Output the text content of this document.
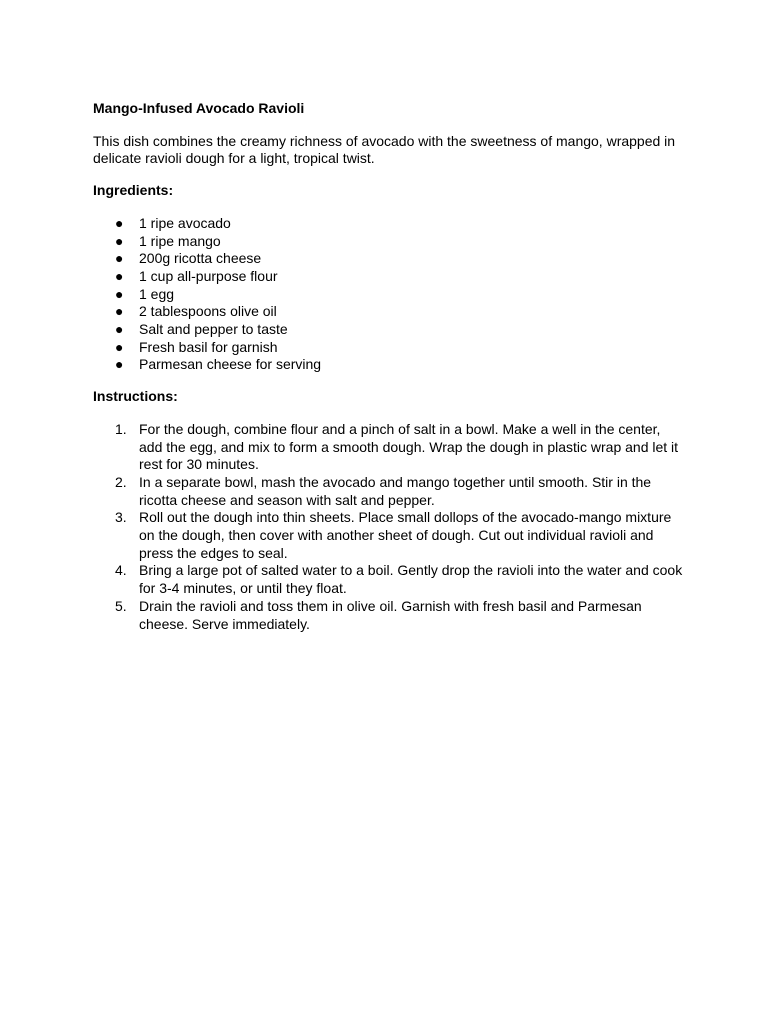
Mango-Infused Avocado Ravioli

This dish combines the creamy richness of avocado with the sweetness of mango, wrapped in delicate ravioli dough for a light, tropical twist.

Ingredients:

● 1 ripe avocado
● 1 ripe mango
● 200g ricotta cheese
● 1 cup all-purpose flour
● 1 egg
● 2 tablespoons olive oil
● Salt and pepper to taste
● Fresh basil for garnish
● Parmesan cheese for serving

Instructions:

1. For the dough, combine flour and a pinch of salt in a bowl. Make a well in the center, add the egg, and mix to form a smooth dough. Wrap the dough in plastic wrap and let it rest for 30 minutes.
2. In a separate bowl, mash the avocado and mango together until smooth. Stir in the ricotta cheese and season with salt and pepper.
3. Roll out the dough into thin sheets. Place small dollops of the avocado-mango mixture on the dough, then cover with another sheet of dough. Cut out individual ravioli and press the edges to seal.
4. Bring a large pot of salted water to a boil. Gently drop the ravioli into the water and cook for 3-4 minutes, or until they float.
5. Drain the ravioli and toss them in olive oil. Garnish with fresh basil and Parmesan cheese. Serve immediately.
